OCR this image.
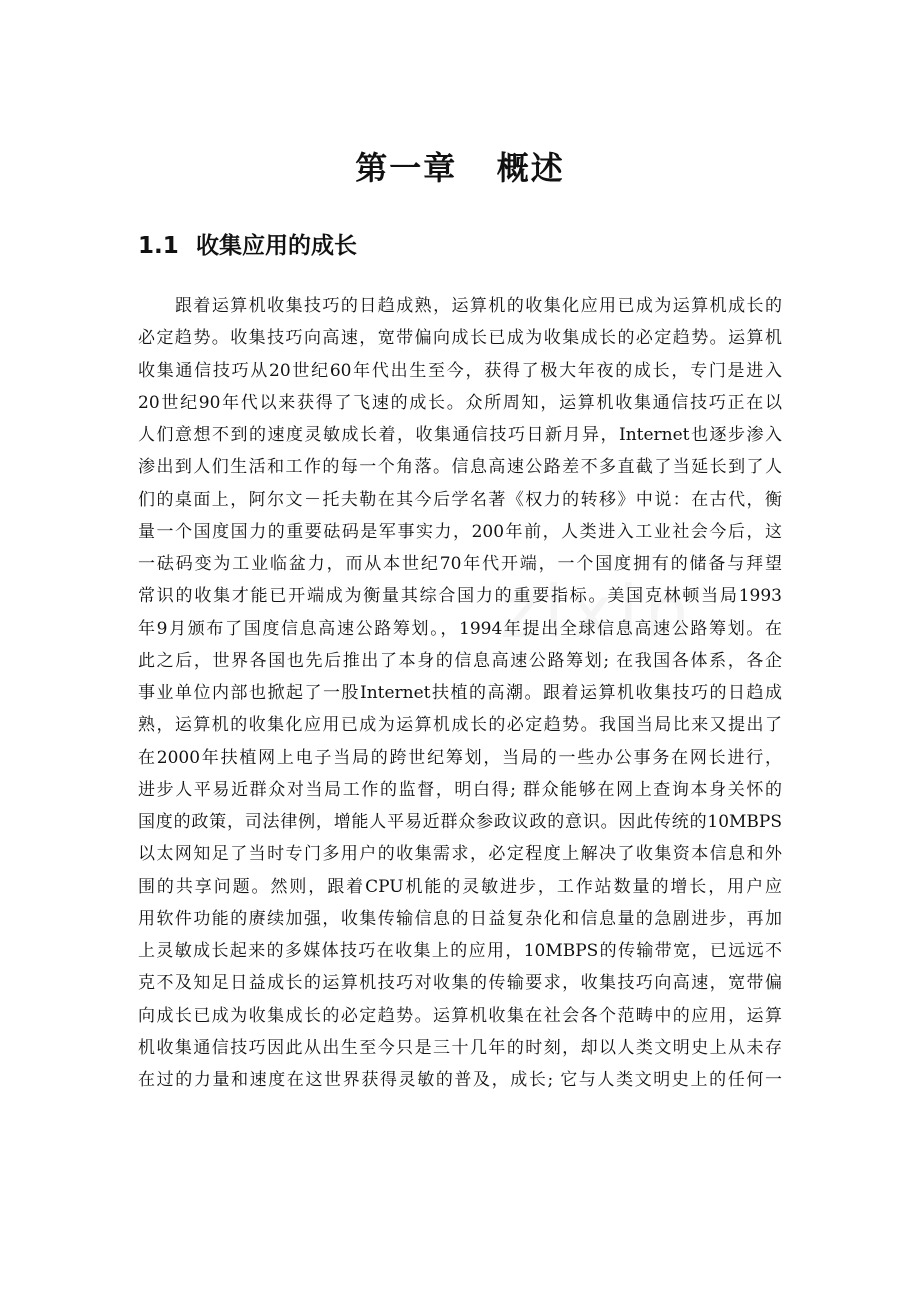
第一章   概述
1.1 收集应用的成长
跟着运算机收集技巧的日趋成熟，运算机的收集化应用已成为运算机成长的
必定趋势。收集技巧向高速，宽带偏向成长已成为收集成长的必定趋势。运算机
收集通信技巧从20世纪60年代出生至今，获得了极大年夜的成长，专门是进入
20世纪90年代以来获得了飞速的成长。众所周知，运算机收集通信技巧正在以
人们意想不到的速度灵敏成长着，收集通信技巧日新月异，Internet也逐步渗入
渗出到人们生活和工作的每一个角落。信息高速公路差不多直截了当延长到了人
们的桌面上，阿尔文－托夫勒在其今后学名著《权力的转移》中说：在古代，衡
量一个国度国力的重要砝码是军事实力，200年前，人类进入工业社会今后，这
一砝码变为工业临盆力，而从本世纪70年代开端，一个国度拥有的储备与拜望
常识的收集才能已开端成为衡量其综合国力的重要指标。美国克林顿当局1993
年9月颁布了国度信息高速公路筹划。，1994年提出全球信息高速公路筹划。在
此之后，世界各国也先后推出了本身的信息高速公路筹划; 在我国各体系，各企
事业单位内部也掀起了一股Internet扶植的高潮。跟着运算机收集技巧的日趋成
熟，运算机的收集化应用已成为运算机成长的必定趋势。我国当局比来又提出了
在2000年扶植网上电子当局的跨世纪筹划，当局的一些办公事务在网长进行，
进步人平易近群众对当局工作的监督，明白得; 群众能够在网上查询本身关怀的
国度的政策，司法律例，增能人平易近群众参政议政的意识。因此传统的10MBPS
以太网知足了当时专门多用户的收集需求，必定程度上解决了收集资本信息和外
围的共享问题。然则，跟着CPU机能的灵敏进步，工作站数量的增长，用户应
用软件功能的赓续加强，收集传输信息的日益复杂化和信息量的急剧进步，再加
上灵敏成长起来的多媒体技巧在收集上的应用，10MBPS的传输带宽，已远远不
克不及知足日益成长的运算机技巧对收集的传输要求，收集技巧向高速，宽带偏
向成长已成为收集成长的必定趋势。运算机收集在社会各个范畴中的应用，运算
机收集通信技巧因此从出生至今只是三十几年的时刻，却以人类文明史上从未存
在过的力量和速度在这世界获得灵敏的普及，成长; 它与人类文明史上的任何一
